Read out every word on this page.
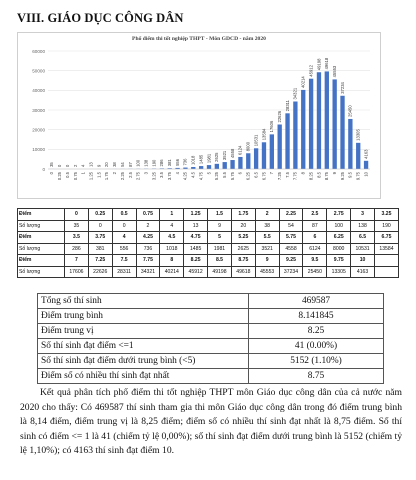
VIII. GIÁO DỤC CÔNG DÂN
Phổ điểm thi tốt nghiệp THPT - Môn GDCD - năm 2020
0
10000
20000
30000
40000
50000
60000
35
0
0
0.25
0
0.5
2
0.75
4
1
13
1.25
9
1.5
20
1.75
38
2
54
2.25
87
2.5
100
2.75
138
3
190
3.25
286
3.5
381
3.75
556
4
736
4.25
1018
4.5
1485
4.75
1981
5
2625
5.25
3521
5.5
4558
5.75
6124
6
8000
6.25
10531
6.5
13584
6.75
17606
7
22626
7.25
28311
7.5
34321
7.75
40214
8
45912
8.25
49198
8.5
49618
8.75
45553
9
37234
9.25
25450
9.5
13305
9.75
4163
10
Điểm	0	0.25	0.5	0.75	1	1.25	1.5	1.75	2	2.25	2.5	2.75	3	3.25
Số lượng	35	0	0	2	4	13	9	20	38	54	87	100	138	190
Điểm	3.5	3.75	4	4.25	4.5	4.75	5	5.25	5.5	5.75	6	6.25	6.5	6.75
Số lượng	286	381	556	736	1018	1485	1981	2625	3521	4558	6124	8000	10531	13584
Điểm	7	7.25	7.5	7.75	8	8.25	8.5	8.75	9	9.25	9.5	9.75	10	
Số lượng	17606	22626	28311	34321	40214	45912	49198	49618	45553	37234	25450	13305	4163	
Tổng số thí sinh	469587
Điểm trung bình	8.141845
Điểm trung vị	8.25
Số thí sinh đạt điểm <=1	41 (0.00%)
Số thí sinh đạt điểm dưới trung bình (<5)	5152 (1.10%)
Điểm số có nhiều thí sinh đạt nhất	8.75
Kết quả phân tích phổ điểm thi tốt nghiệp THPT môn Giáo dục công dân của cả nước năm 2020 cho thấy: Có 469587 thí sinh tham gia thi môn Giáo dục công dân trong đó điểm trung bình là 8,14 điểm, điểm trung vị là 8,25 điểm; điểm số có nhiều thí sinh đạt nhất là 8,75 điểm. Số thí sinh có điểm <= 1 là 41 (chiếm tỷ lệ 0,00%); số thí sinh đạt điểm dưới trung bình là 5152 (chiếm tỷ lệ 1,10%); có 4163 thí sinh đạt điểm 10.
